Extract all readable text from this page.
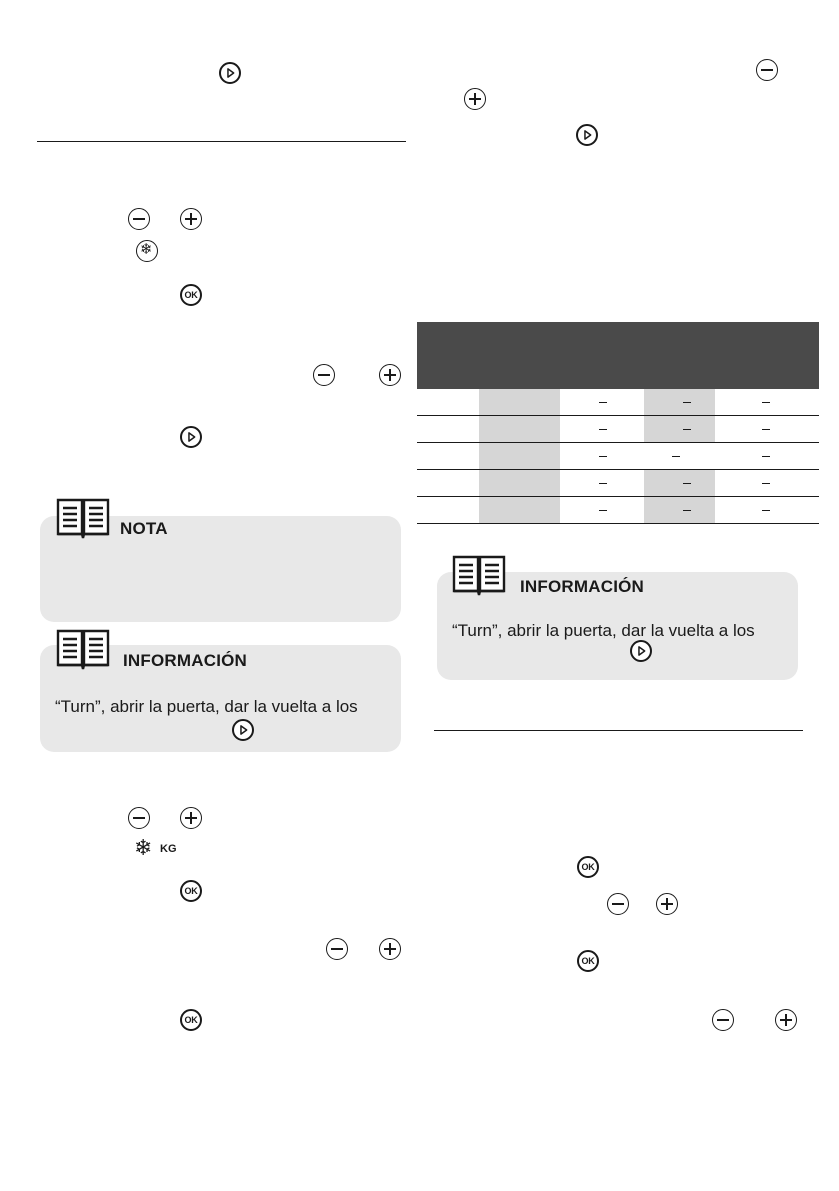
❄
OK
NOTA
INFORMACIÓN
“Turn”, abrir la puerta, dar la vuelta a los
❄ KG
OK
OK
INFORMACIÓN
“Turn”, abrir la puerta, dar la vuelta a los
OK
OK
